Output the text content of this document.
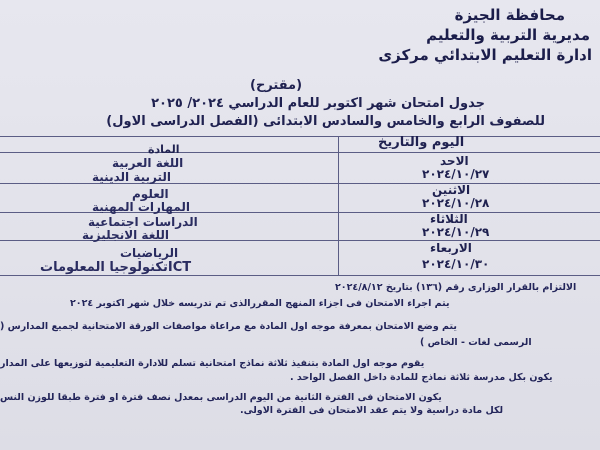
محافظة الجيزة
مديرية التربية والتعليم
ادارة التعليم الابتدائي مركزى
(مقترح)
جدول امتحان شهر اكتوبر للعام الدراسي ٢٠٢٤/ ٢٠٢٥
للصفوف الرابع والخامس والسادس الابتدائى (الفصل الدراسى الاول)
اليوم والتاريخ
المادة
الاحد
٢٠٢٤/١٠/٢٧
اللغة العربية
التربية الدينية
الاثنين
٢٠٢٤/١٠/٢٨
العلوم
المهارات المهنية
الثلاثاء
٢٠٢٤/١٠/٢٩
الدراسات اجتماعية
اللغة الانجليزية
الاربعاء
٢٠٢٤/١٠/٣٠
الرياضيات
ICTتكنولوجيا المعلومات
الالتزام بالقرار الوزارى رقم (١٣٦) بتاريخ ٢٠٢٤/٨/١٢
يتم اجراء الامتحان فى اجزاء المنهج المقررالذى تم تدريسه خلال شهر اكتوبر ٢٠٢٤
يتم وضع الامتحان بمعرفة موجه اول المادة مع مراعاة مواصفات الورقة الامتحانية لجميع المدارس (
الرسمى لغات - الخاص )
يقوم موجه اول المادة بتنفيذ ثلاثة نماذج امتحانية تسلم للادارة التعليمية لتوزيعها على المدار
يكون بكل مدرسة ثلاثة نماذج للمادة داخل الفصل الواحد .
يكون الامتحان فى الفترة الثانية من اليوم الدراسى بمعدل نصف فترة او فترة طبقا للوزن النس
لكل مادة دراسية ولا يتم عقد الامتحان فى الفترة الاولى.
